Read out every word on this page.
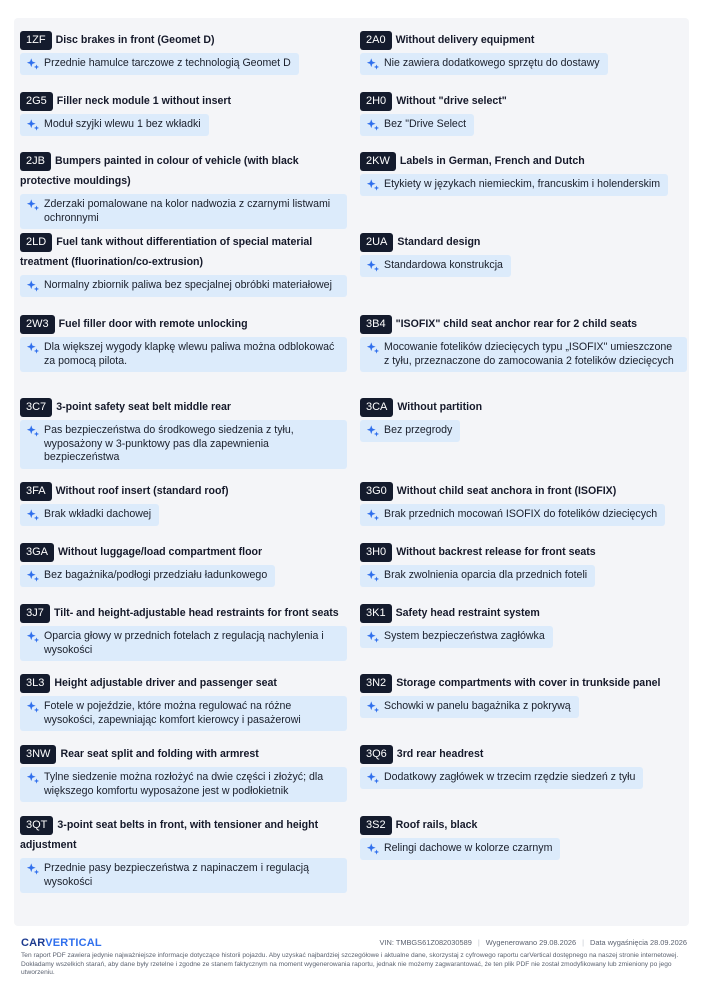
1ZF Disc brakes in front (Geomet D)
Przednie hamulce tarczowe z technologią Geomet D
2G5 Filler neck module 1 without insert
Moduł szyjki wlewu 1 bez wkładki
2JB Bumpers painted in colour of vehicle (with black protective mouldings)
Zderzaki pomalowane na kolor nadwozia z czarnymi listwami ochronnymi
2LD Fuel tank without differentiation of special material treatment (fluorination/co-extrusion)
Normalny zbiornik paliwa bez specjalnej obróbki materiałowej
2W3 Fuel filler door with remote unlocking
Dla większej wygody klapkę wlewu paliwa można odblokować za pomocą pilota.
3C7 3-point safety seat belt middle rear
Pas bezpieczeństwa do środkowego siedzenia z tyłu, wyposażony w 3-punktowy pas dla zapewnienia bezpieczeństwa
3FA Without roof insert (standard roof)
Brak wkładki dachowej
3GA Without luggage/load compartment floor
Bez bagażnika/podłogi przedziału ładunkowego
3J7 Tilt- and height-adjustable head restraints for front seats
Oparcia głowy w przednich fotelach z regulacją nachylenia i wysokości
3L3 Height adjustable driver and passenger seat
Fotele w pojeździe, które można regulować na różne wysokości, zapewniając komfort kierowcy i pasażerowi
3NW Rear seat split and folding with armrest
Tylne siedzenie można rozłożyć na dwie części i złożyć; dla większego komfortu wyposażone jest w podłokietnik
3QT 3-point seat belts in front, with tensioner and height adjustment
Przednie pasy bezpieczeństwa z napinaczem i regulacją wysokości
2A0 Without delivery equipment
Nie zawiera dodatkowego sprzętu do dostawy
2H0 Without "drive select"
Bez "Drive Select
2KW Labels in German, French and Dutch
Etykiety w językach niemieckim, francuskim i holenderskim
2UA Standard design
Standardowa konstrukcja
3B4 "ISOFIX" child seat anchor rear for 2 child seats
Mocowanie fotelików dziecięcych typu „ISOFIX" umieszczone z tyłu, przeznaczone do zamocowania 2 fotelików dziecięcych
3CA Without partition
Bez przegrody
3G0 Without child seat anchora in front (ISOFIX)
Brak przednich mocowań ISOFIX do fotelików dziecięcych
3H0 Without backrest release for front seats
Brak zwolnienia oparcia dla przednich foteli
3K1 Safety head restraint system
System bezpieczeństwa zagłówka
3N2 Storage compartments with cover in trunkside panel
Schowki w panelu bagażnika z pokrywą
3Q6 3rd rear headrest
Dodatkowy zagłówek w trzecim rzędzie siedzeń z tyłu
3S2 Roof rails, black
Relingi dachowe w kolorze czarnym
CARVERTICAL	VIN: TMBGS61Z082030589 | Wygenerowano 29.08.2026 | Data wygaśnięcia 28.09.2026
Ten raport PDF zawiera jedynie najważniejsze informacje dotyczące historii pojazdu. Aby uzyskać najbardziej szczegółowe i aktualne dane, skorzystaj z cyfrowego raportu carVertical dostępnego na naszej stronie internetowej. Dokładamy wszelkich starań, aby dane były rzetelne i zgodne ze stanem faktycznym na moment wygenerowania raportu, jednak nie możemy zagwarantować, że ten plik PDF nie został zmodyfikowany lub zmieniony po jego utworzeniu.
